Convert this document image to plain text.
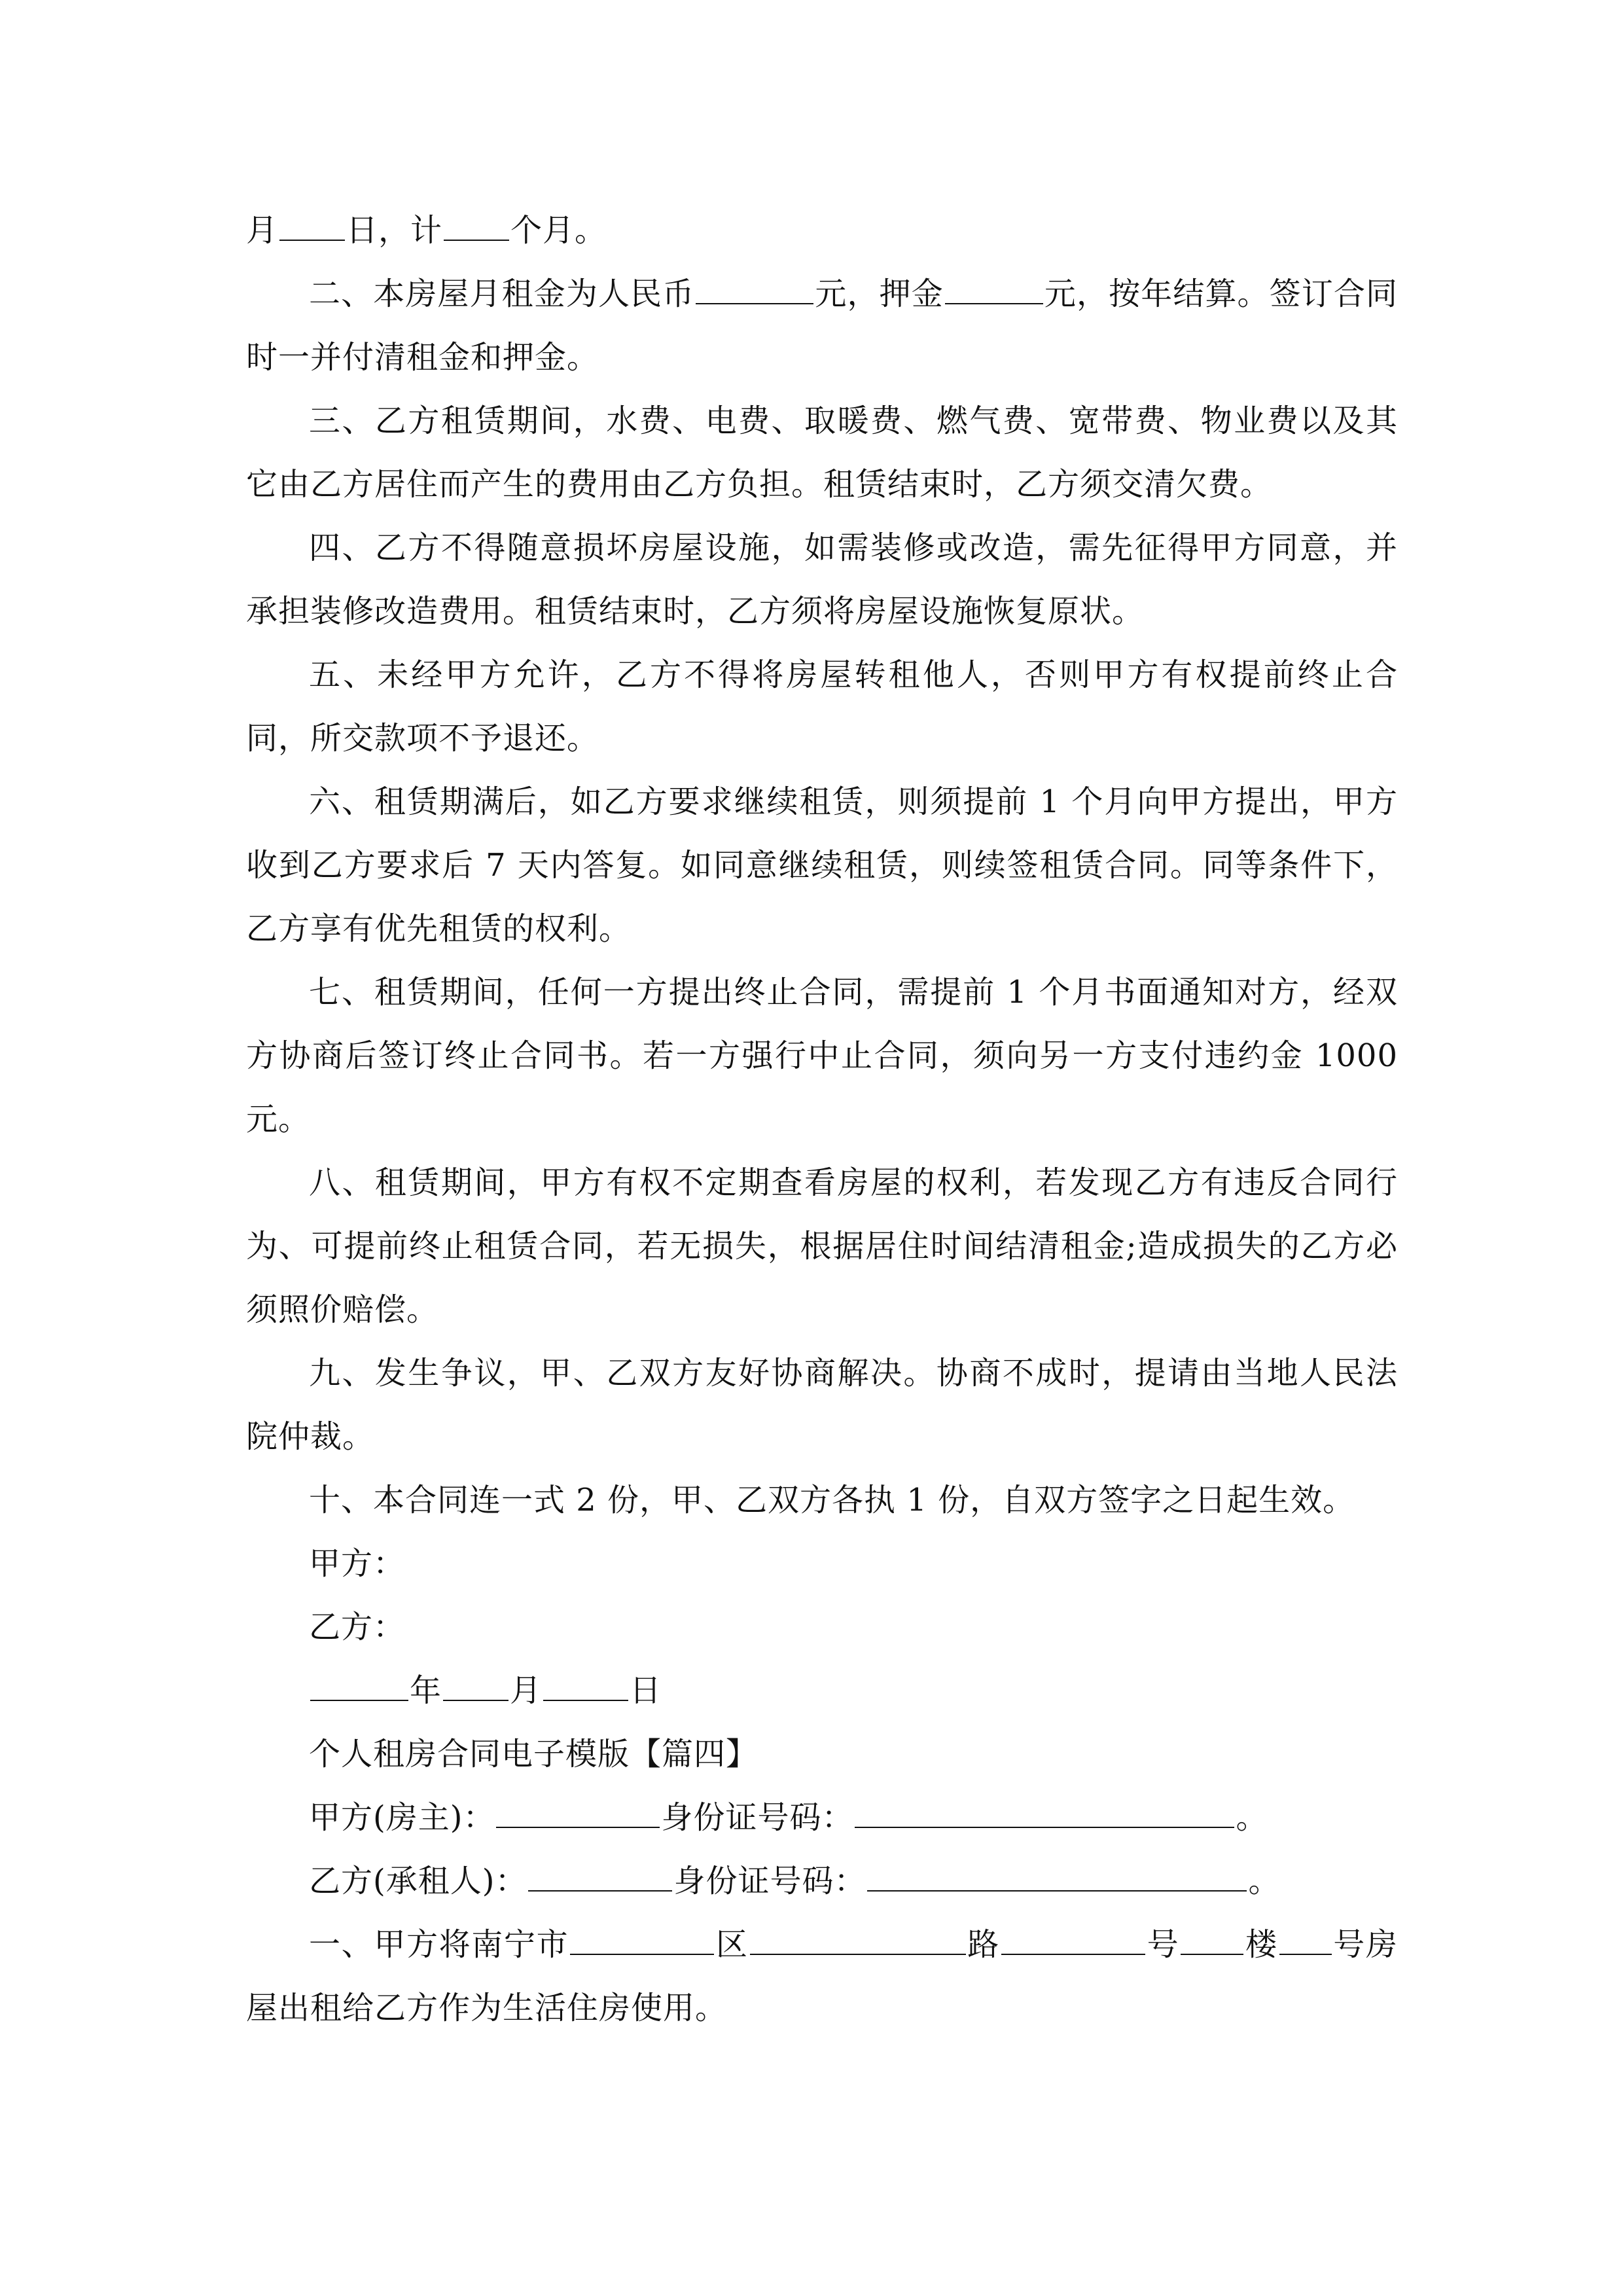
月 日，计 个月。

二、本房屋月租金为人民币	元，押金	元，按年结算。签订合同时一并付清租金和押金。

三、乙方租赁期间，水费、电费、取暖费、燃气费、宽带费、物业费以及其它由乙方居住而产生的费用由乙方负担。租赁结束时，乙方须交清欠费。

四、乙方不得随意损坏房屋设施，如需装修或改造，需先征得甲方同意，并承担装修改造费用。租赁结束时，乙方须将房屋设施恢复原状。

五、未经甲方允许，乙方不得将房屋转租他人，否则甲方有权提前终止合同，所交款项不予退还。

六、租赁期满后，如乙方要求继续租赁，则须提前 1 个月向甲方提出，甲方收到乙方要求后 7 天内答复。如同意继续租赁，则续签租赁合同。同等条件下，乙方享有优先租赁的权利。

七、租赁期间，任何一方提出终止合同，需提前 1 个月书面通知对方，经双方协商后签订终止合同书。若一方强行中止合同，须向另一方支付违约金 1000 元。

八、租赁期间，甲方有权不定期查看房屋的权利，若发现乙方有违反合同行为、可提前终止租赁合同，若无损失，根据居住时间结清租金;造成损失的乙方必须照价赔偿。

九、发生争议，甲、乙双方友好协商解决。协商不成时，提请由当地人民法院仲裁。

十、本合同连一式 2 份，甲、乙双方各执 1 份，自双方签字之日起生效。

甲方：

乙方：

年 月	日

个人租房合同电子模版【篇四】

甲方(房主)：	身份证号码：	。

乙方(承租人)：	身份证号码：	。

一、甲方将南宁市	区	路	号 楼 号房屋出租给乙方作为生活住房使用。
